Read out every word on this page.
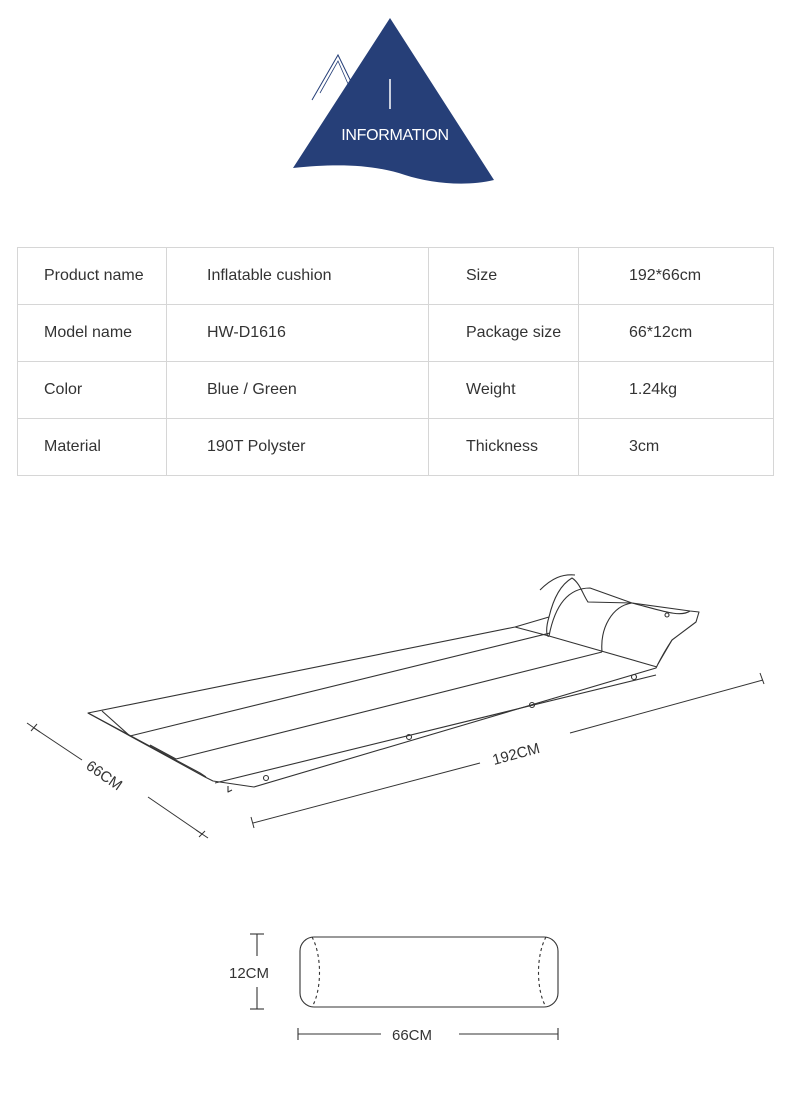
INFORMATION
Product name	Inflatable cushion	Size	192*66cm
Model name	HW-D1616	Package size	66*12cm
Color	Blue / Green	Weight	1.24kg
Material	190T Polyster	Thickness	3cm
66CM
192CM
12CM
66CM
